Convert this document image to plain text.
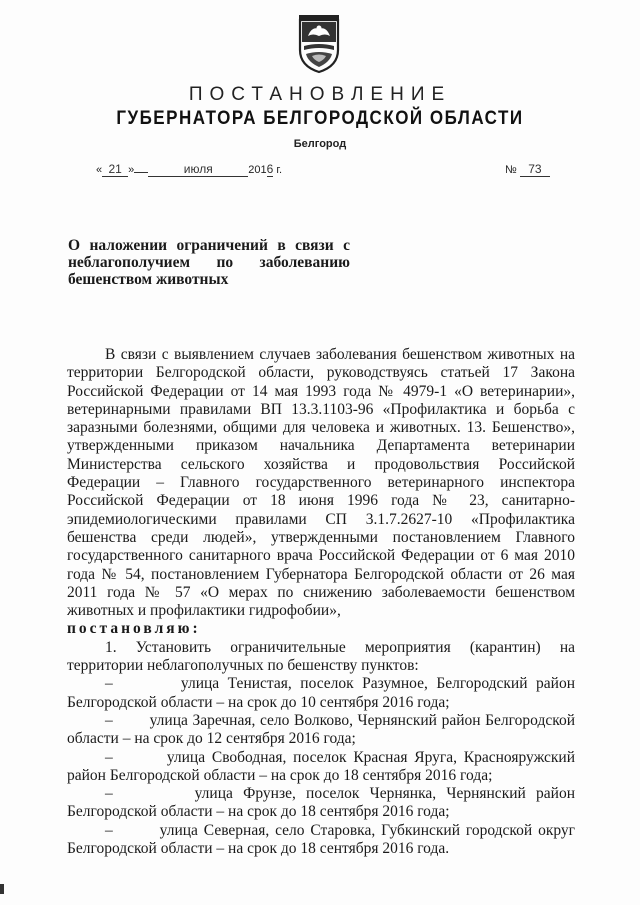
ПОСТАНОВЛЕНИЕ
ГУБЕРНАТОРА БЕЛГОРОДСКОЙ ОБЛАСТИ
Белгород
« 21 »	июля	2016 г.	№ 73
О наложении ограничений в связи с
неблагополучием по заболеванию
бешенством животных

В связи с выявлением случаев заболевания бешенством животных на территории Белгородской области, руководствуясь статьей 17 Закона Российской Федерации от 14 мая 1993 года № 4979-1 «О ветеринарии», ветеринарными правилами ВП 13.3.1103-96 «Профилактика и борьба с заразными болезнями, общими для человека и животных. 13. Бешенство», утвержденными приказом начальника Департамента ветеринарии Министерства сельского хозяйства и продовольствия Российской Федерации – Главного государственного ветеринарного инспектора Российской Федерации от 18 июня 1996 года № 23, санитарно-эпидемиологическими правилами СП 3.1.7.2627-10 «Профилактика бешенства среди людей», утвержденными постановлением Главного государственного санитарного врача Российской Федерации от 6 мая 2010 года № 54, постановлением Губернатора Белгородской области от 26 мая 2011 года № 57 «О мерах по снижению заболеваемости бешенством животных и профилактики гидрофобии»,

постановляю:

1. Установить ограничительные мероприятия (карантин) на территории неблагополучных по бешенству пунктов:

–	улица Тенистая, поселок Разумное, Белгородский район Белгородской области – на срок до 10 сентября 2016 года;

– улица Заречная, село Волково, Чернянский район Белгородской области – на срок до 12 сентября 2016 года;

–	улица Свободная, поселок Красная Яруга, Краснояружский район Белгородской области – на срок до 18 сентября 2016 года;

–	улица Фрунзе, поселок Чернянка, Чернянский район Белгородской области – на срок до 18 сентября 2016 года;

–	улица Северная, село Старовка, Губкинский городской округ Белгородской области – на срок до 18 сентября 2016 года.
